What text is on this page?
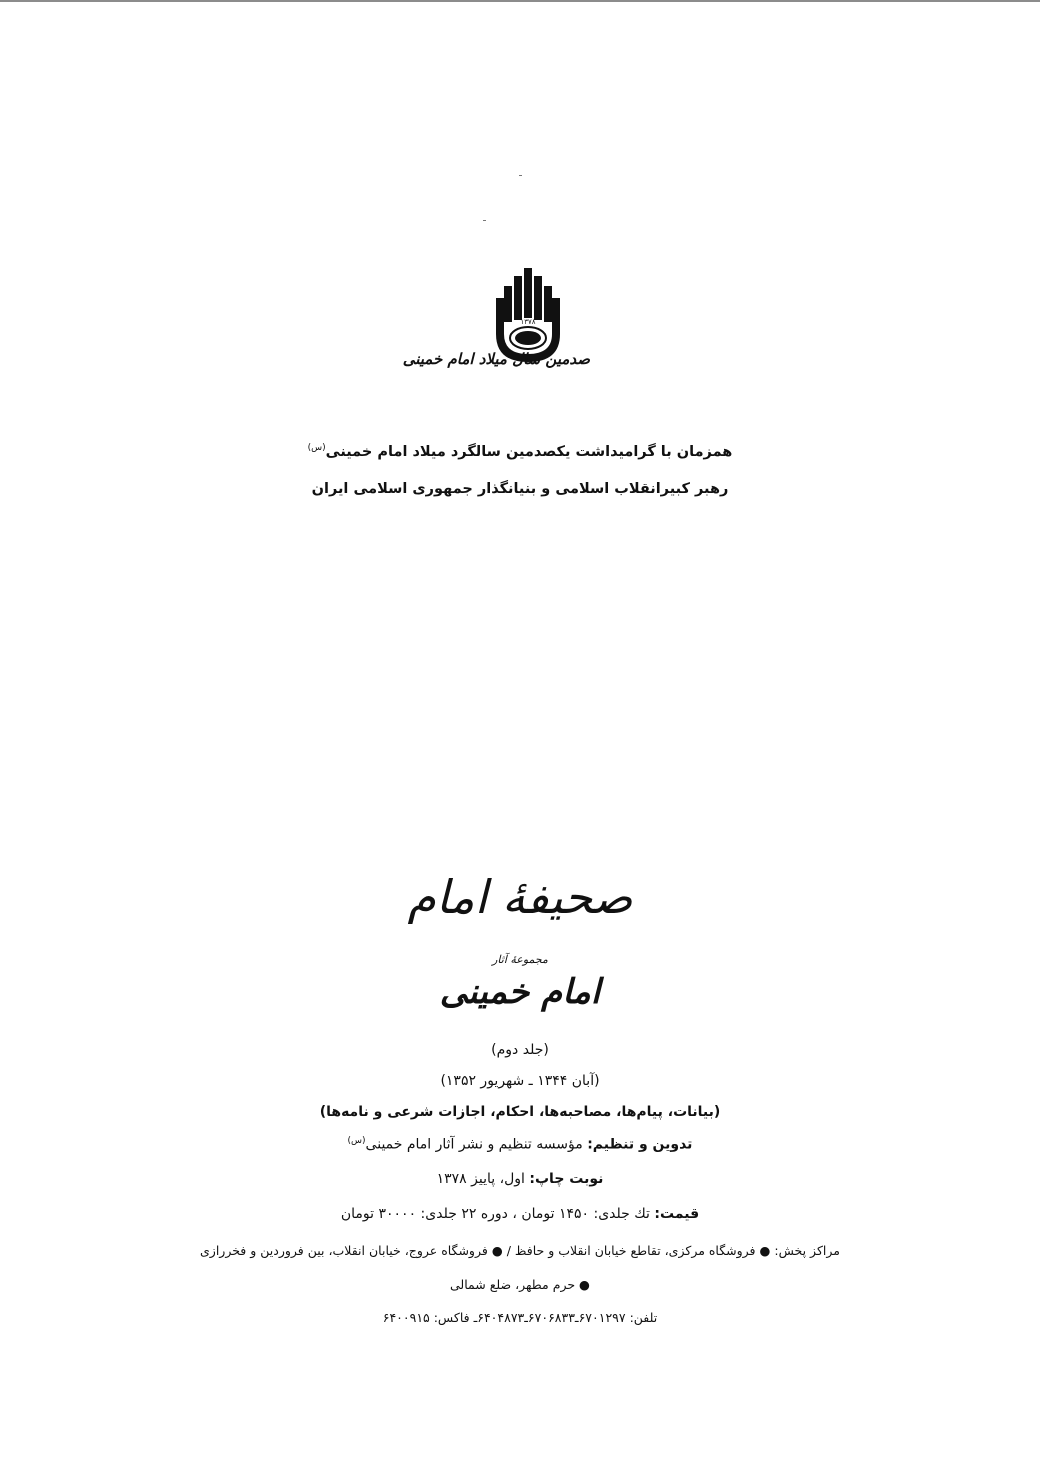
۱۳۷۸
صدمین سال میلاد امام خمینی
همزمان با گرامیداشت یکصدمین سالگرد میلاد امام خمینی$^{(س)}$
رهبر کبیرانقلاب اسلامی و بنیانگذار جمهوری اسلامی ایران
صحیفهٔ امام
مجموعهٔ آثار
امام خمینی
(جلد دوم)
(آبان ۱۳۴۴ ـ شهریور ۱۳۵۲)
(بیانات، پیام‌ها، مصاحبه‌ها، احکام، اجازات شرعی و نامه‌ها)
تدوین و تنظیم: مؤسسه تنظیم و نشر آثار امام خمینی$^{(س)}$
نوبت چاپ: اول، پاییز ۱۳۷۸
قیمت: تك جلدی: ۱۴۵۰ تومان ، دوره ۲۲ جلدی: ۳۰۰۰۰ تومان
مراکز پخش: ● فروشگاه مرکزی، تقاطع خیابان انقلاب و حافظ / ● فروشگاه عروج، خیابان انقلاب، بین فروردین و فخررازی
● حرم مطهر، ضلع شمالی
تلفن: ۶۷۰۱۲۹۷ـ۶۷۰۶۸۳۳ـ۶۴۰۴۸۷۳ـ فاکس: ۶۴۰۰۹۱۵
